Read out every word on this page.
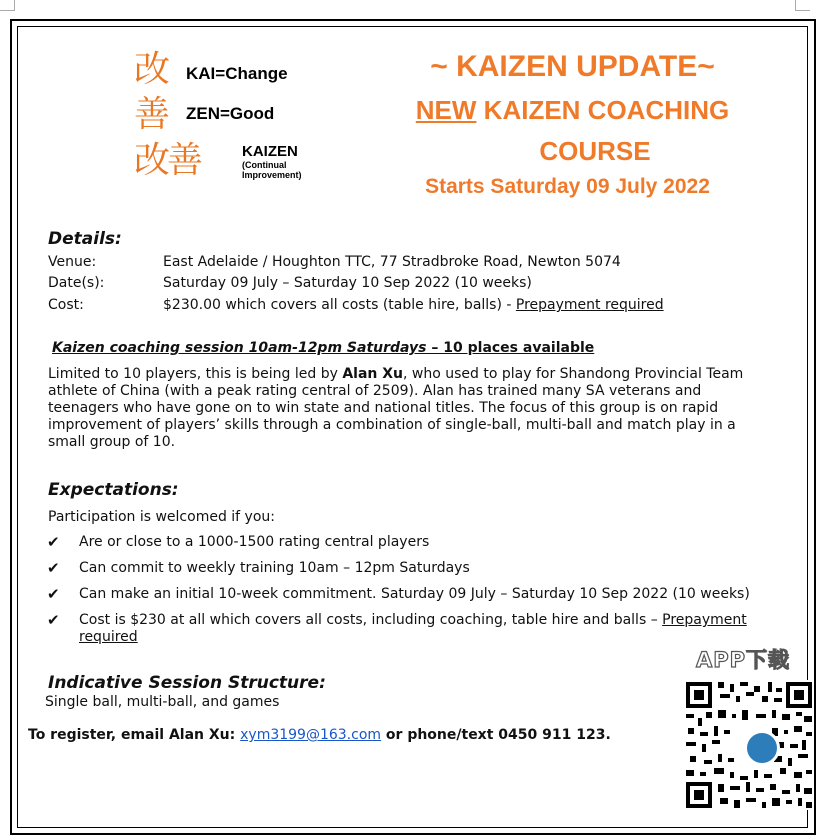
改 KAI=Change
善 ZEN=Good
改善	KAIZEN
(Continual
Improvement)
~ KAIZEN UPDATE~
NEW KAIZEN COACHING
COURSE
Starts Saturday 09 July 2022
Details:
Venue:	East Adelaide / Houghton TTC, 77 Stradbroke Road, Newton 5074
Date(s):	Saturday 09 July – Saturday 10 Sep 2022 (10 weeks)
Cost:	$230.00 which covers all costs (table hire, balls) - Prepayment required
Kaizen coaching session 10am-12pm Saturdays – 10 places available
Limited to 10 players, this is being led by Alan Xu, who used to play for Shandong Provincial Team athlete of China (with a peak rating central of 2509). Alan has trained many SA veterans and teenagers who have gone on to win state and national titles. The focus of this group is on rapid improvement of players’ skills through a combination of single-ball, multi-ball and match play in a small group of 10.
Expectations:
Participation is welcomed if you:
✔ Are or close to a 1000-1500 rating central players
✔ Can commit to weekly training 10am – 12pm Saturdays
✔ Can make an initial 10-week commitment. Saturday 09 July – Saturday 10 Sep 2022 (10 weeks)
✔ Cost is $230 at all which covers all costs, including coaching, table hire and balls – Prepayment required
Indicative Session Structure:
Single ball, multi-ball, and games
To register, email Alan Xu: xym3199@163.com or phone/text 0450 911 123.
APP下载
